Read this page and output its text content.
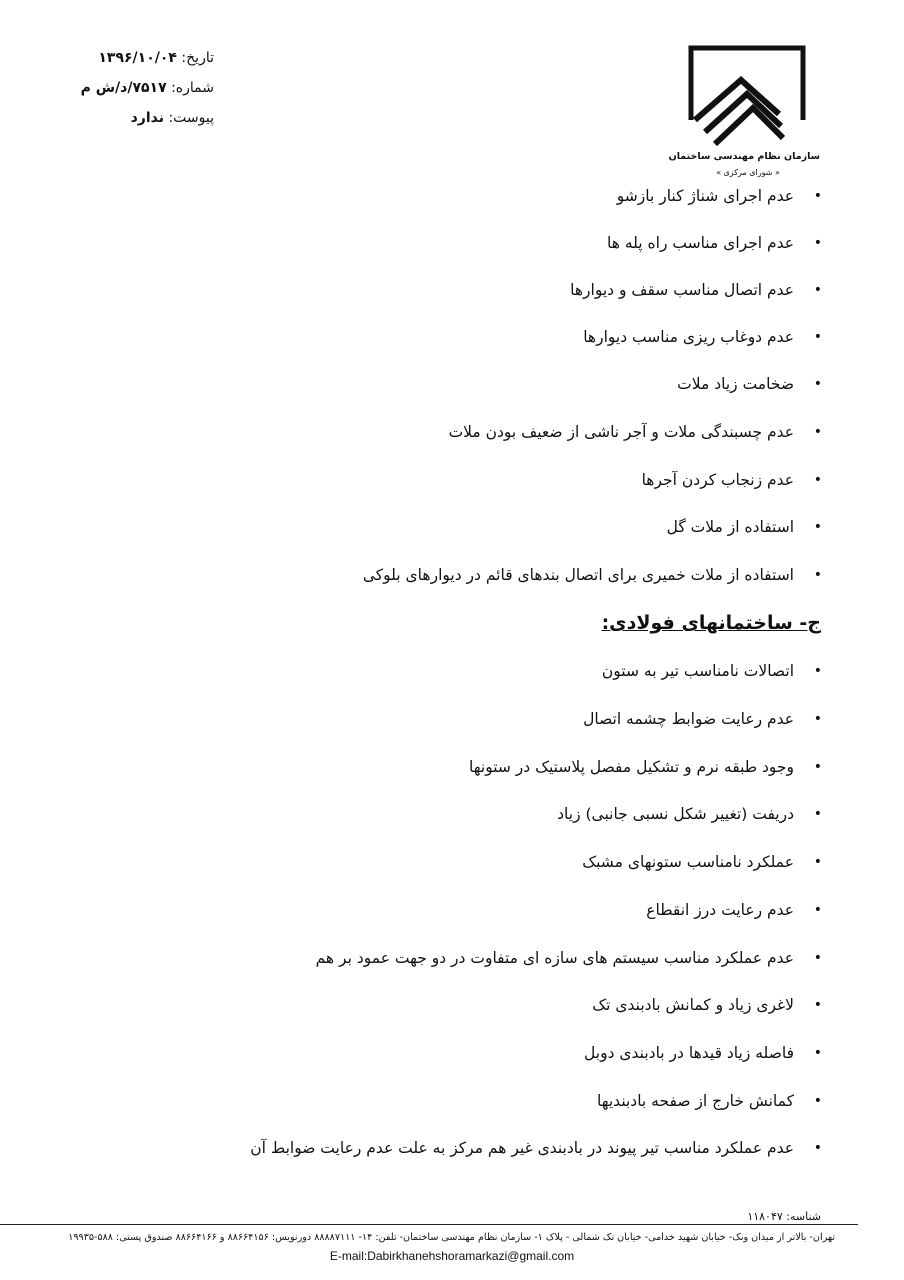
سازمان نظام مهندسی ساختمان
« شورای مرکزی »
تاریخ: ۱۳۹۶/۱۰/۰۴
شماره: ۷۵۱۷/د/ش م
پیوست: ندارد
•
عدم اجرای شناژ کنار بازشو
•
عدم اجرای مناسب راه پله ها
•
عدم اتصال مناسب سقف و دیوارها
•
عدم دوغاب ریزی مناسب دیوارها
•
ضخامت زیاد ملات
•
عدم چسبندگی ملات و آجر ناشی از ضعیف بودن ملات
•
عدم زنجاب کردن آجرها
•
استفاده از ملات گل
•
استفاده از ملات خمیری برای اتصال بندهای قائم در دیوارهای بلوکی
ج- ساختمانهای فولادی:
•
اتصالات نامناسب تیر به ستون
•
عدم رعایت ضوابط چشمه اتصال
•
وجود طبقه نرم و تشکیل مفصل پلاستیک در ستونها
•
دریفت (تغییر شکل نسبی جانبی) زیاد
•
عملکرد نامناسب ستونهای مشبک
•
عدم رعایت درز انقطاع
•
عدم عملکرد مناسب سیستم های سازه ای متفاوت در دو جهت عمود بر هم
•
لاغری زیاد و کمانش بادبندی تک
•
فاصله زیاد قیدها در بادبندی دوبل
•
کمانش خارج از صفحه بادبندیها
•
عدم عملکرد مناسب تیر پیوند در بادبندی غیر هم مرکز به علت عدم رعایت ضوابط آن
شناسه: ۱۱۸۰۴۷
تهران- بالاتر از میدان ونک- خیابان شهید خدامی- خیابان تک شمالی - پلاک ۱- سازمان نظام مهندسی ساختمان- تلفن: ۱۴- ۸۸۸۸۷۱۱۱ دورنویس: ۸۸۶۶۴۱۵۶ و ۸۸۶۶۴۱۶۶ صندوق پستی: ۵۸۸-۱۹۹۳۵
E-mail:Dabirkhanehshoramarkazi@gmail.com
